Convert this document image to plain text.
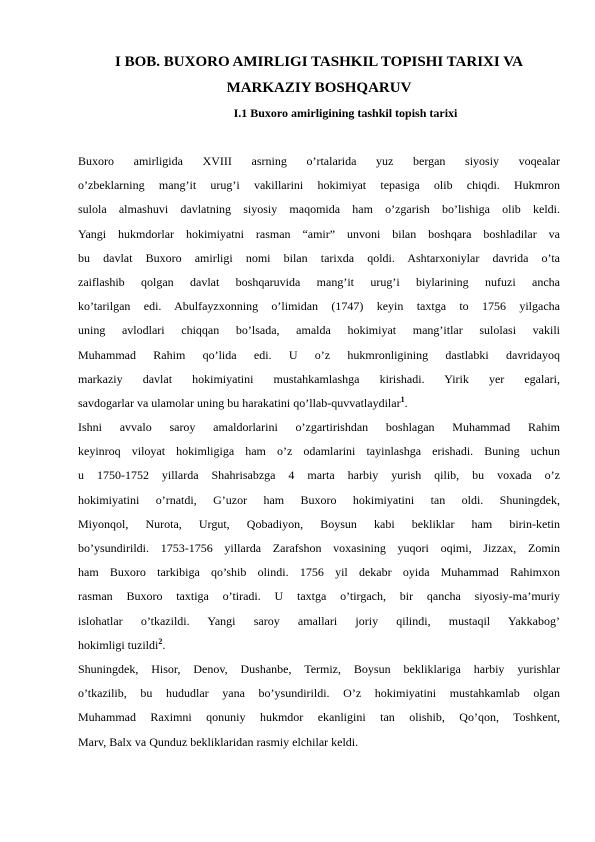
I BOB. BUXORO AMIRLIGI TASHKIL TOPISHI TARIXI VA
MARKAZIY BOSHQARUV
I.1 Buxoro amirligining tashkil topish tarixi
Buxoro amirligida XVIII asrning o’rtalarida yuz bergan siyosiy voqealar
o’zbeklarning mang’it urug’i vakillarini hokimiyat tepasiga olib chiqdi. Hukmron
sulola almashuvi davlatning siyosiy maqomida ham o’zgarish bo’lishiga olib keldi.
Yangi hukmdorlar hokimiyatni rasman “amir” unvoni bilan boshqara boshladilar va
bu davlat Buxoro amirligi nomi bilan tarixda qoldi. Ashtarxoniylar davrida o’ta
zaiflashib qolgan davlat boshqaruvida mang’it urug’i biylarining nufuzi ancha
ko’tarilgan edi. Abulfayzxonning o’limidan (1747) keyin taxtga to 1756 yilgacha
uning avlodlari chiqqan bo’lsada, amalda hokimiyat mang’itlar sulolasi vakili
Muhammad Rahim qo’lida edi. U o’z hukmronligining dastlabki davridayoq
markaziy davlat hokimiyatini mustahkamlashga kirishadi. Yirik yer egalari,
savdogarlar va ulamolar uning bu harakatini qo’llab-quvvatlaydilar$^1$.
Ishni avvalo saroy amaldorlarini o’zgartirishdan boshlagan Muhammad Rahim
keyinroq viloyat hokimligiga ham o’z odamlarini tayinlashga erishadi. Buning uchun
u 1750-1752 yillarda Shahrisabzga 4 marta harbiy yurish qilib, bu voxada o’z
hokimiyatini o’rnatdi, G’uzor ham Buxoro hokimiyatini tan oldi. Shuningdek,
Miyonqol, Nurota, Urgut, Qobadiyon, Boysun kabi bekliklar ham birin-ketin
bo’ysundirildi. 1753-1756 yillarda Zarafshon voxasining yuqori oqimi, Jizzax, Zomin
ham Buxoro tarkibiga qo’shib olindi. 1756 yil dekabr oyida Muhammad Rahimxon
rasman Buxoro taxtiga o’tiradi. U taxtga o’tirgach, bir qancha siyosiy-ma’muriy
islohatlar o’tkazildi. Yangi saroy amallari joriy qilindi, mustaqil Yakkabog’
hokimligi tuzildi$^2$.
Shuningdek, Hisor, Denov, Dushanbe, Termiz, Boysun bekliklariga harbiy yurishlar
o’tkazilib, bu hududlar yana bo’ysundirildi. O’z hokimiyatini mustahkamlab olgan
Muhammad Raximni qonuniy hukmdor ekanligini tan olishib, Qo’qon, Toshkent,
Marv, Balx va Qunduz bekliklaridan rasmiy elchilar keldi.
